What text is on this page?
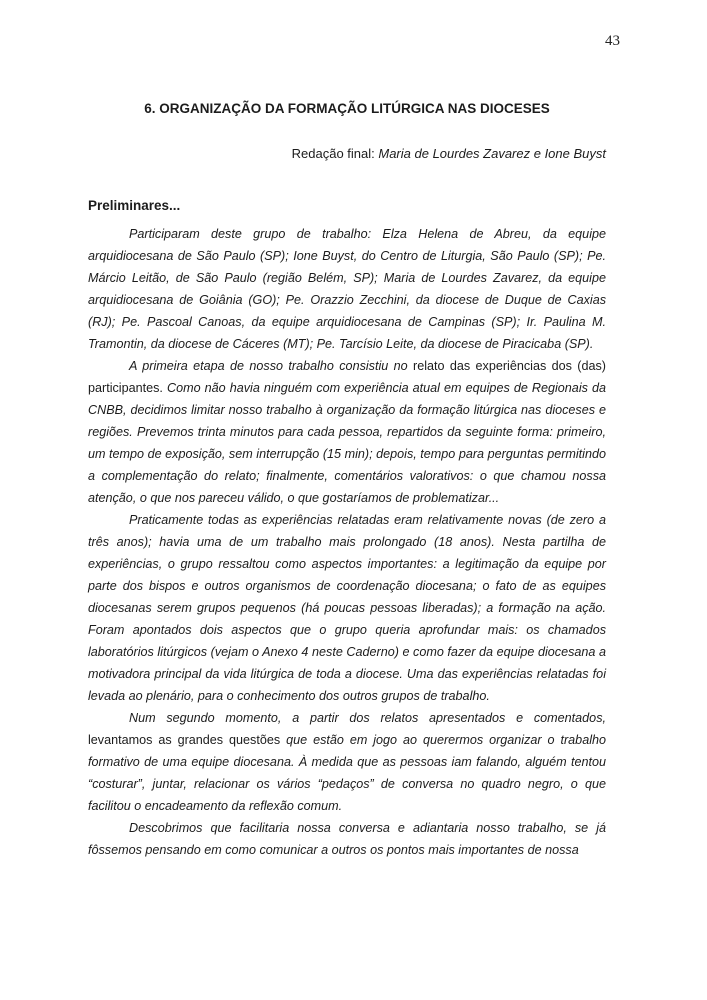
43
6. ORGANIZAÇÃO DA FORMAÇÃO LITÚRGICA NAS DIOCESES
Redação final: Maria de Lourdes Zavarez e Ione Buyst
Preliminares...

Participaram deste grupo de trabalho: Elza Helena de Abreu, da equipe arquidiocesana de São Paulo (SP); Ione Buyst, do Centro de Liturgia, São Paulo (SP); Pe. Márcio Leitão, de São Paulo (região Belém, SP); Maria de Lourdes Zavarez, da equipe arquidiocesana de Goiânia (GO); Pe. Orazzio Zecchini, da diocese de Duque de Caxias (RJ); Pe. Pascoal Canoas, da equipe arquidiocesana de Campinas (SP); Ir. Paulina M. Tramontin, da diocese de Cáceres (MT); Pe. Tarcísio Leite, da diocese de Piracicaba (SP).

A primeira etapa de nosso trabalho consistiu no relato das experiências dos (das) participantes. Como não havia ninguém com experiência atual em equipes de Regionais da CNBB, decidimos limitar nosso trabalho à organização da formação litúrgica nas dioceses e regiões. Prevemos trinta minutos para cada pessoa, repartidos da seguinte forma: primeiro, um tempo de exposição, sem interrupção (15 min); depois, tempo para perguntas permitindo a complementação do relato; finalmente, comentários valorativos: o que chamou nossa atenção, o que nos pareceu válido, o que gostaríamos de problematizar...

Praticamente todas as experiências relatadas eram relativamente novas (de zero a três anos); havia uma de um trabalho mais prolongado (18 anos). Nesta partilha de experiências, o grupo ressaltou como aspectos importantes: a legitimação da equipe por parte dos bispos e outros organismos de coordenação diocesana; o fato de as equipes diocesanas serem grupos pequenos (há poucas pessoas liberadas); a formação na ação. Foram apontados dois aspectos que o grupo queria aprofundar mais: os chamados laboratórios litúrgicos (vejam o Anexo 4 neste Caderno) e como fazer da equipe diocesana a motivadora principal da vida litúrgica de toda a diocese. Uma das experiências relatadas foi levada ao plenário, para o conhecimento dos outros grupos de trabalho.

Num segundo momento, a partir dos relatos apresentados e comentados, levantamos as grandes questões que estão em jogo ao querermos organizar o trabalho formativo de uma equipe diocesana. À medida que as pessoas iam falando, alguém tentou “costurar”, juntar, relacionar os vários “pedaços” de conversa no quadro negro, o que facilitou o encadeamento da reflexão comum.

Descobrimos que facilitaria nossa conversa e adiantaria nosso trabalho, se já fôssemos pensando em como comunicar a outros os pontos mais importantes de nossa
